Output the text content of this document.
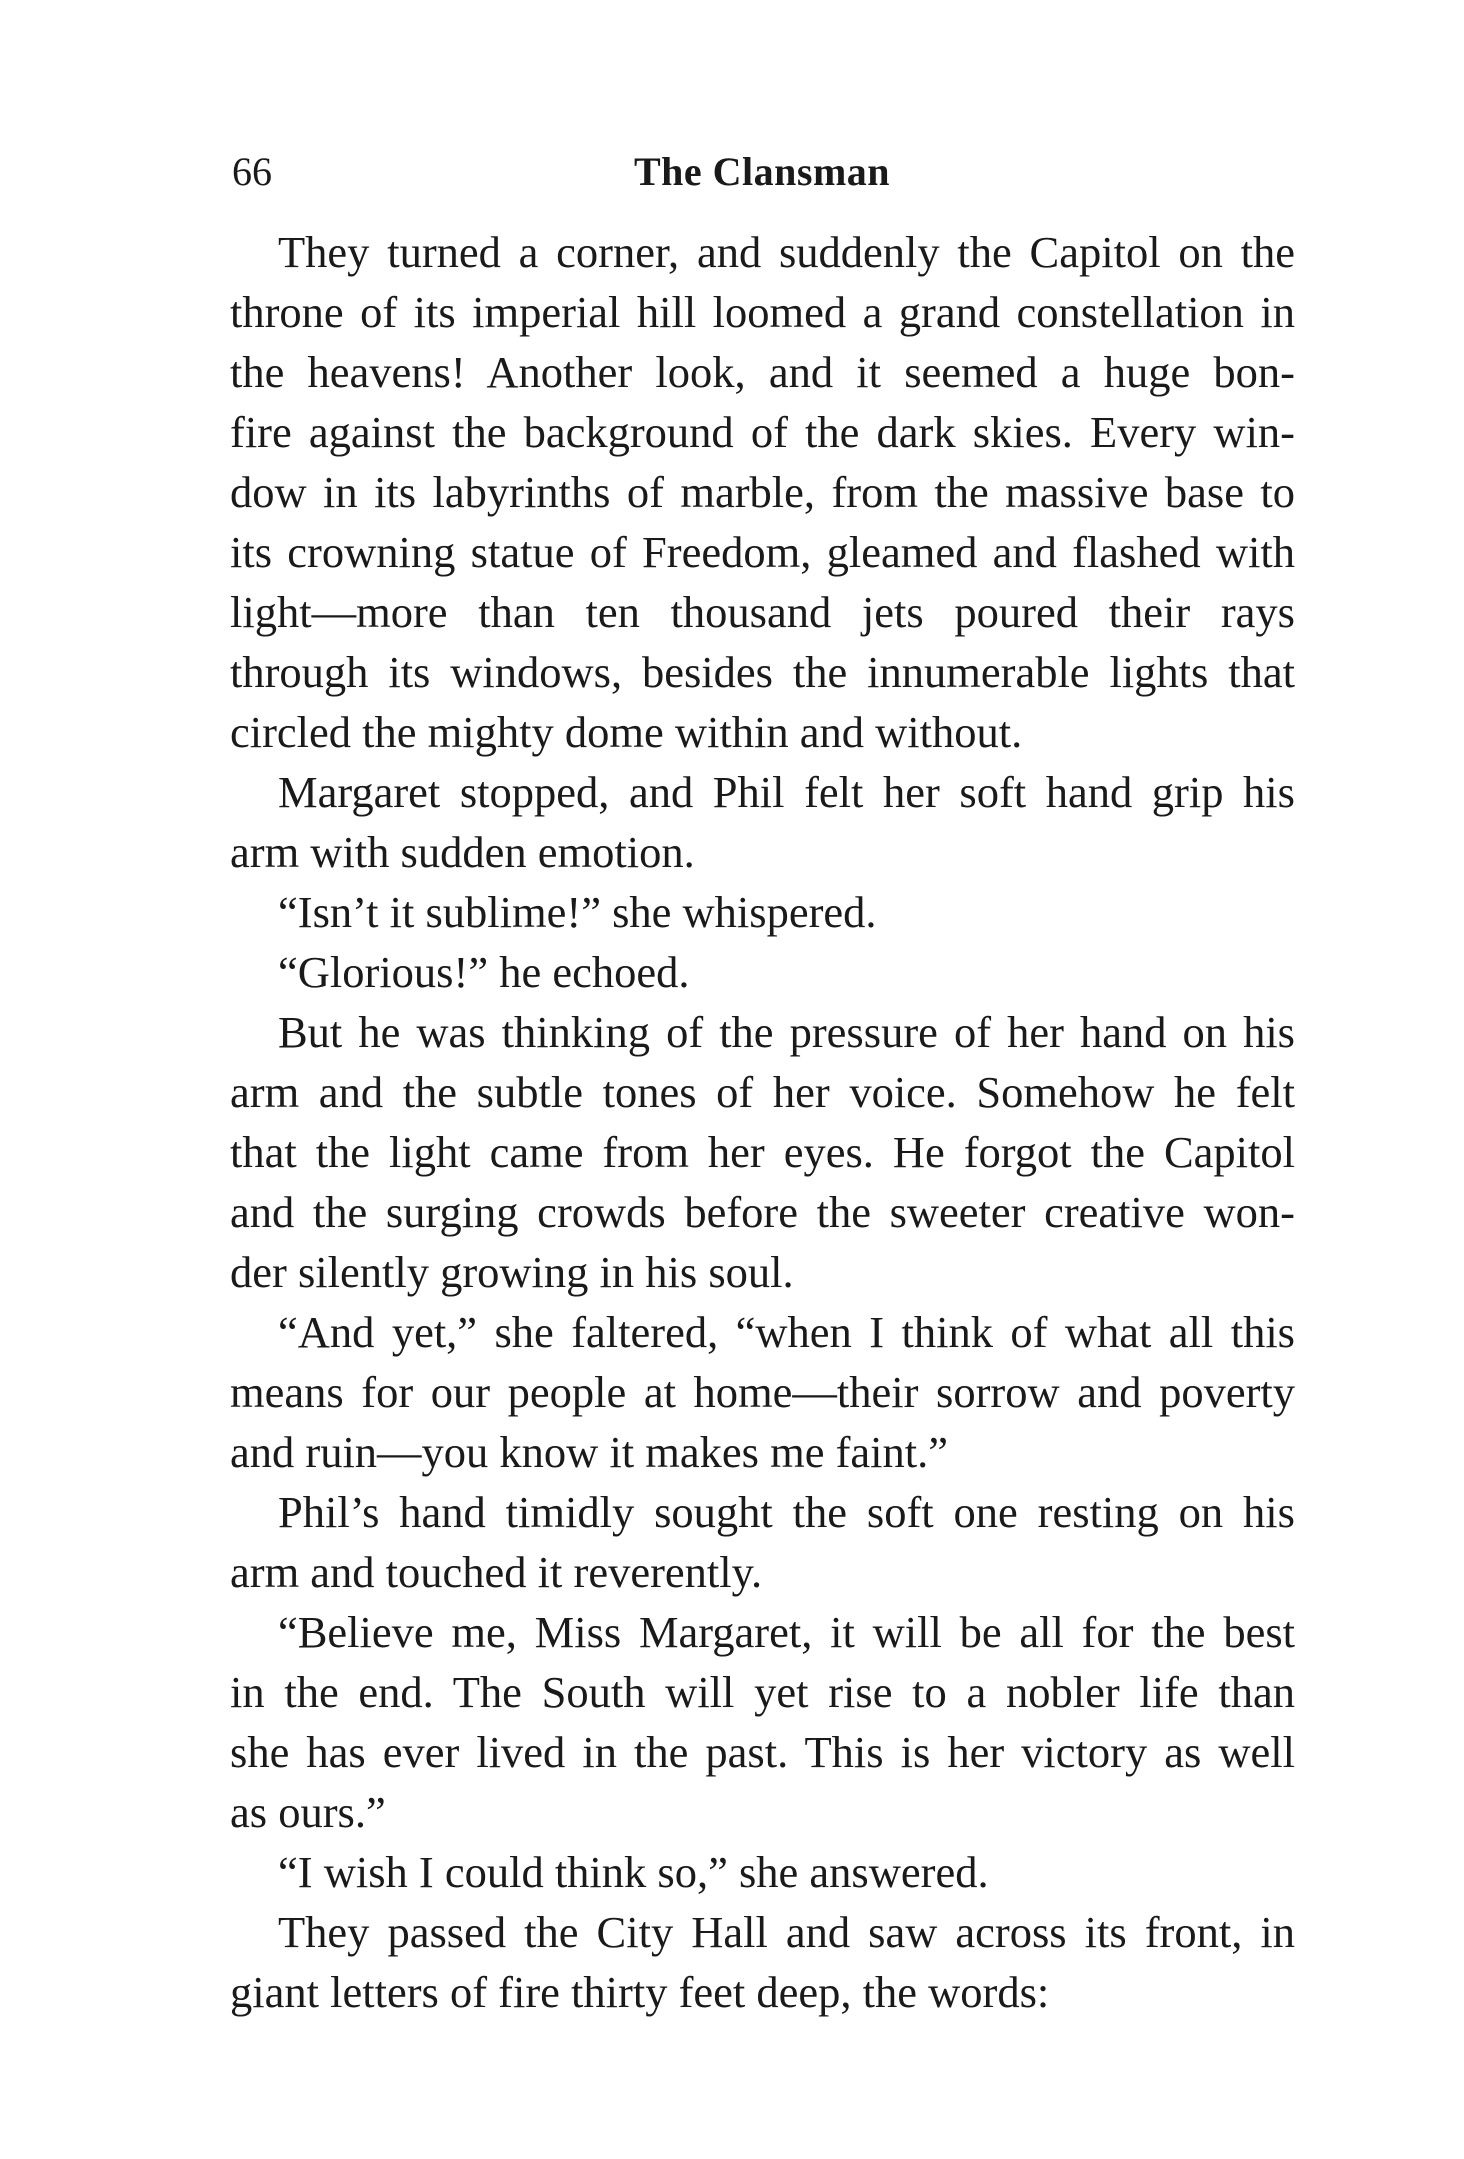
66	The Clansman
They turned a corner, and suddenly the Capitol on the
throne of its imperial hill loomed a grand constellation in
the heavens! Another look, and it seemed a huge bon-
fire against the background of the dark skies. Every win-
dow in its labyrinths of marble, from the massive base to
its crowning statue of Freedom, gleamed and flashed with
light—more than ten thousand jets poured their rays
through its windows, besides the innumerable lights that
circled the mighty dome within and without.
Margaret stopped, and Phil felt her soft hand grip his
arm with sudden emotion.
“Isn’t it sublime!” she whispered.
“Glorious!” he echoed.
But he was thinking of the pressure of her hand on his
arm and the subtle tones of her voice. Somehow he felt
that the light came from her eyes. He forgot the Capitol
and the surging crowds before the sweeter creative won-
der silently growing in his soul.
“And yet,” she faltered, “when I think of what all this
means for our people at home—their sorrow and poverty
and ruin—you know it makes me faint.”
Phil’s hand timidly sought the soft one resting on his
arm and touched it reverently.
“Believe me, Miss Margaret, it will be all for the best
in the end. The South will yet rise to a nobler life than
she has ever lived in the past. This is her victory as well
as ours.”
“I wish I could think so,” she answered.
They passed the City Hall and saw across its front, in
giant letters of fire thirty feet deep, the words:
